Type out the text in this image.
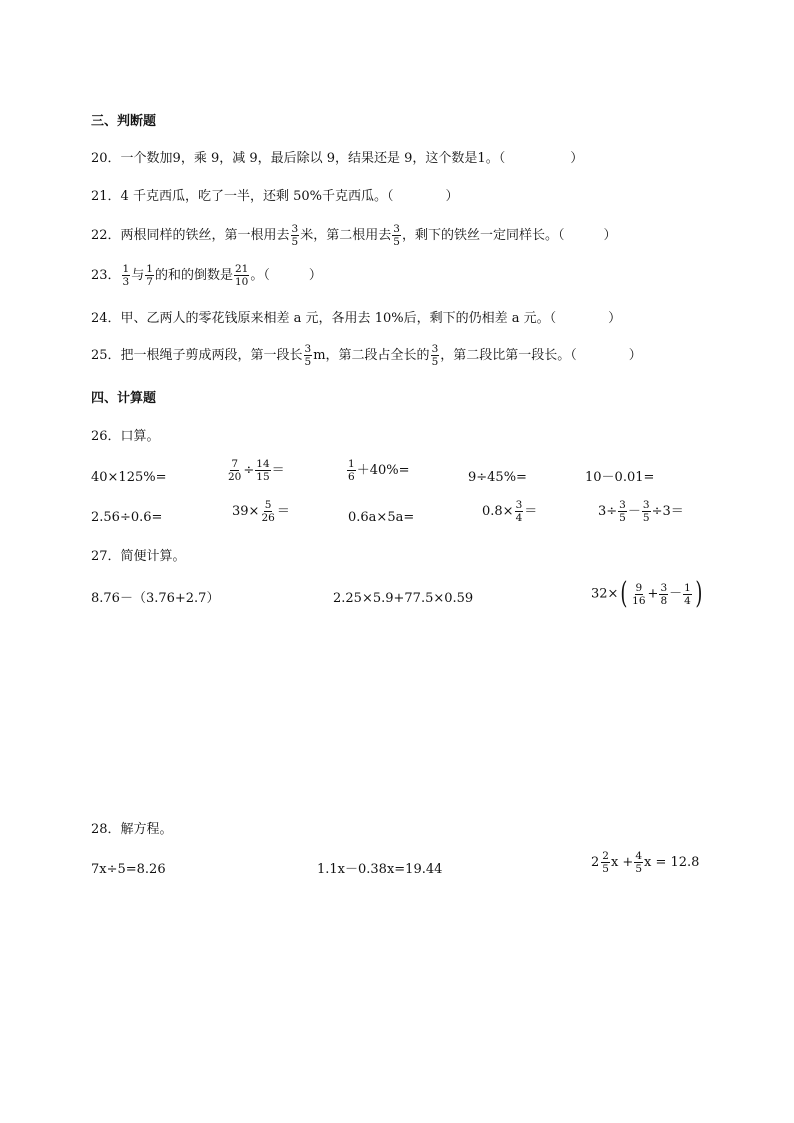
三、判断题
20．一个数加9，乘 9，减 9，最后除以 9，结果还是 9，这个数是1。（　　　　　）
21．4 千克西瓜，吃了一半，还剩 50%千克西瓜。（　　　　）
22．两根同样的铁丝，第一根用去 $\frac{3}{5}$ 米，第二根用去 $\frac{3}{5}$ ，剩下的铁丝一定同样长。（　　　）
23． $\frac{1}{3}$ 与 $\frac{1}{7}$ 的和的倒数是 $\frac{21}{10}$ 。（　　　）
24．甲、乙两人的零花钱原来相差 a 元，各用去 10%后，剩下的仍相差 a 元。（　　　　）
25．把一根绳子剪成两段，第一段长 $\frac{3}{5}$ m，第二段占全长的 $\frac{3}{5}$ ，第二段比第一段长。（　　　　）
四、计算题
26．口算。
40×125%=	$\frac{7}{20} \div \frac{14}{15}$ ＝	$\frac{1}{6} +40\%=$	9÷45%=	10－0.01=
2.56÷0.6=	$39\times \frac{5}{26}$ ＝	0.6a×5a=	$0.8\times \frac{3}{4}$ ＝	$3\div \frac{3}{5} - \frac{3}{5} \div 3=$
27．简便计算。
8.76－（3.76+2.7）	2.25×5.9+77.5×0.59	$32\times( \frac{9}{16} + \frac{3}{8} - \frac{1}{4}$ )
28．解方程。
7x÷5=8.26	1.1x－0.38x=19.44	$2 \frac{2}{5}$ $x + \frac{4}{5}$ x = 12.8
